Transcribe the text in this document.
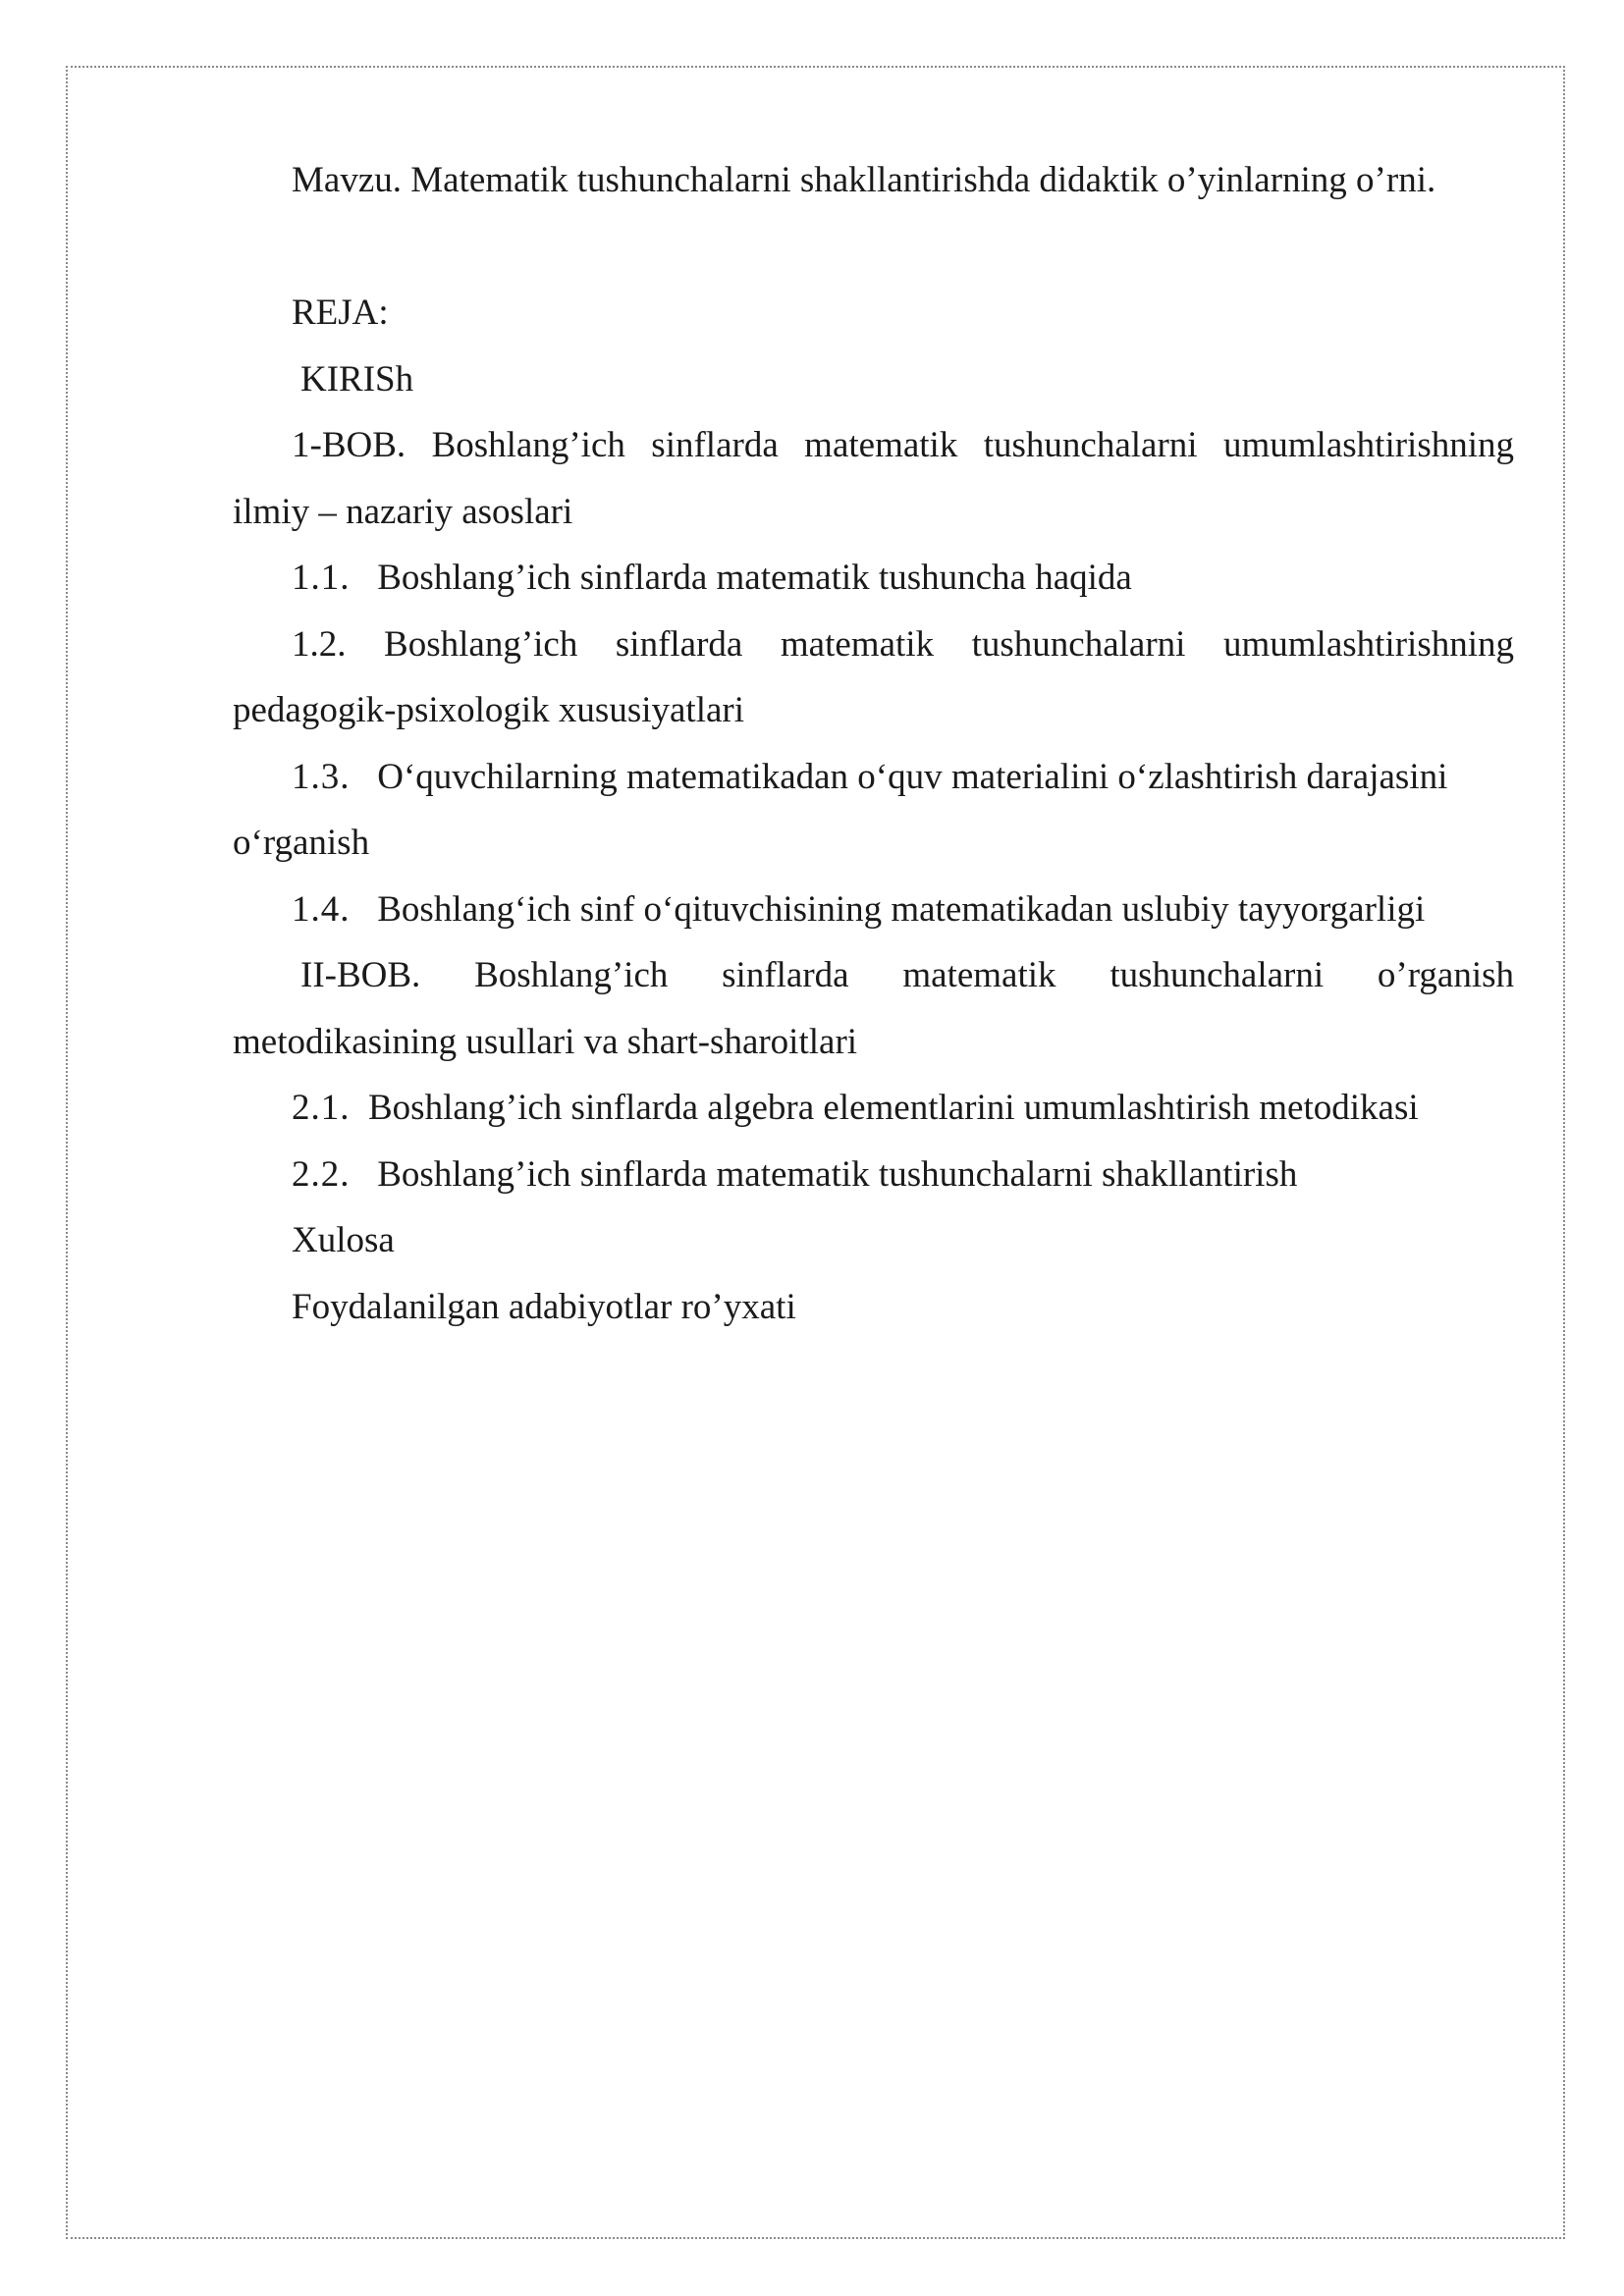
Mavzu. Matematik tushunchalarni shakllantirishda didaktik o’yinlarning o’rni.

REJA:

KIRISh

1-BOB. Boshlang’ich sinflarda matematik tushunchalarni umumlashtirishning

ilmiy – nazariy asoslari

1.1. Boshlang’ich sinflarda matematik tushuncha haqida

1.2. Boshlang’ich sinflarda matematik tushunchalarni umumlashtirishning

pedagogik-psixologik xususiyatlari

1.3. O‘quvchilarning matematikadan o‘quv materialini o‘zlashtirish darajasini

o‘rganish

1.4. Boshlang‘ich sinf o‘qituvchisining matematikadan uslubiy tayyorgarligi

II-BOB. Boshlang’ich sinflarda matematik tushunchalarni o’rganish

metodikasining usullari va shart-sharoitlari

2.1. Boshlang’ich sinflarda algebra elementlarini umumlashtirish metodikasi

2.2. Boshlang’ich sinflarda matematik tushunchalarni shakllantirish

Xulosa

Foydalanilgan adabiyotlar ro’yxati
